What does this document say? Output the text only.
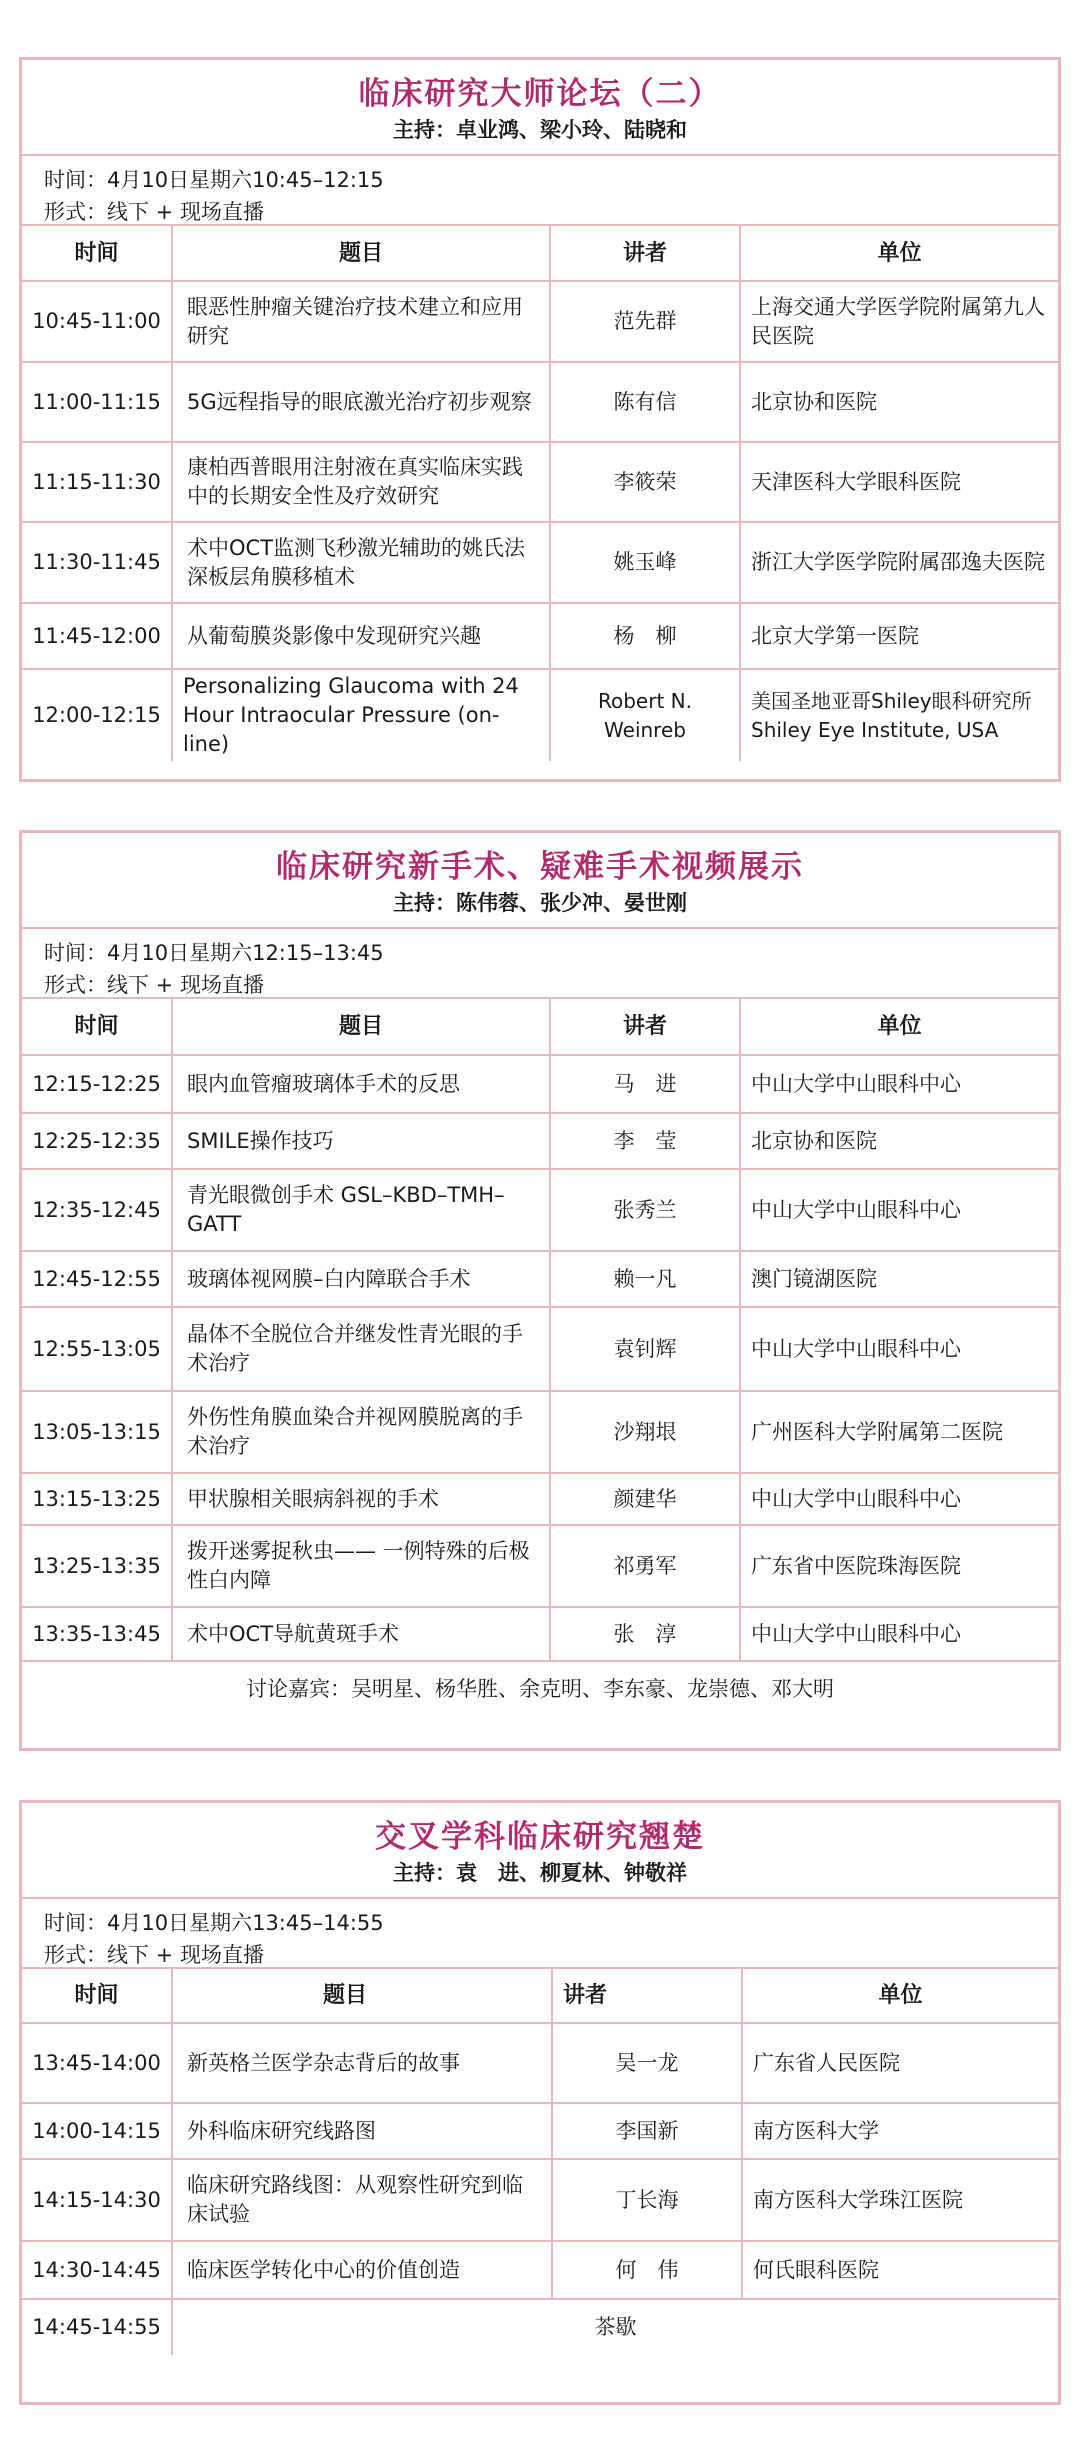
临床研究大师论坛（二）
主持：卓业鸿、梁小玲、陆晓和
时间：4月10日星期六10:45–12:15
形式：线下 + 现场直播
时间	题目	讲者	单位
10:45-11:00	眼恶性肿瘤关键治疗技术建立和应用研究	范先群	上海交通大学医学院附属第九人民医院
11:00-11:15	5G远程指导的眼底激光治疗初步观察	陈有信	北京协和医院
11:15-11:30	康柏西普眼用注射液在真实临床实践中的长期安全性及疗效研究	李筱荣	天津医科大学眼科医院
11:30-11:45	术中OCT监测飞秒激光辅助的姚氏法深板层角膜移植术	姚玉峰	浙江大学医学院附属邵逸夫医院
11:45-12:00	从葡萄膜炎影像中发现研究兴趣	杨　柳	北京大学第一医院
12:00-12:15	Personalizing Glaucoma with 24 Hour Intraocular Pressure (on-line)	Robert N. Weinreb	美国圣地亚哥Shiley眼科研究所 Shiley Eye Institute, USA
临床研究新手术、疑难手术视频展示
主持：陈伟蓉、张少冲、晏世刚
时间：4月10日星期六12:15–13:45
形式：线下 + 现场直播
时间	题目	讲者	单位
12:15-12:25	眼内血管瘤玻璃体手术的反思	马　进	中山大学中山眼科中心
12:25-12:35	SMILE操作技巧	李　莹	北京协和医院
12:35-12:45	青光眼微创手术 GSL–KBD–TMH–GATT	张秀兰	中山大学中山眼科中心
12:45-12:55	玻璃体视网膜–白内障联合手术	赖一凡	澳门镜湖医院
12:55-13:05	晶体不全脱位合并继发性青光眼的手术治疗	袁钊辉	中山大学中山眼科中心
13:05-13:15	外伤性角膜血染合并视网膜脱离的手术治疗	沙翔垠	广州医科大学附属第二医院
13:15-13:25	甲状腺相关眼病斜视的手术	颜建华	中山大学中山眼科中心
13:25-13:35	拨开迷雾捉秋虫—— 一例特殊的后极性白内障	祁勇军	广东省中医院珠海医院
13:35-13:45	术中OCT导航黄斑手术	张　淳	中山大学中山眼科中心
讨论嘉宾：吴明星、杨华胜、余克明、李东豪、龙崇德、邓大明			
交叉学科临床研究翘楚
主持：袁　进、柳夏林、钟敬祥
时间：4月10日星期六13:45–14:55
形式：线下 + 现场直播
时间	题目	讲者	单位
13:45-14:00	新英格兰医学杂志背后的故事	吴一龙	广东省人民医院
14:00-14:15	外科临床研究线路图	李国新	南方医科大学
14:15-14:30	临床研究路线图：从观察性研究到临床试验	丁长海	南方医科大学珠江医院
14:30-14:45	临床医学转化中心的价值创造	何　伟	何氏眼科医院
14:45-14:55	茶歇		
